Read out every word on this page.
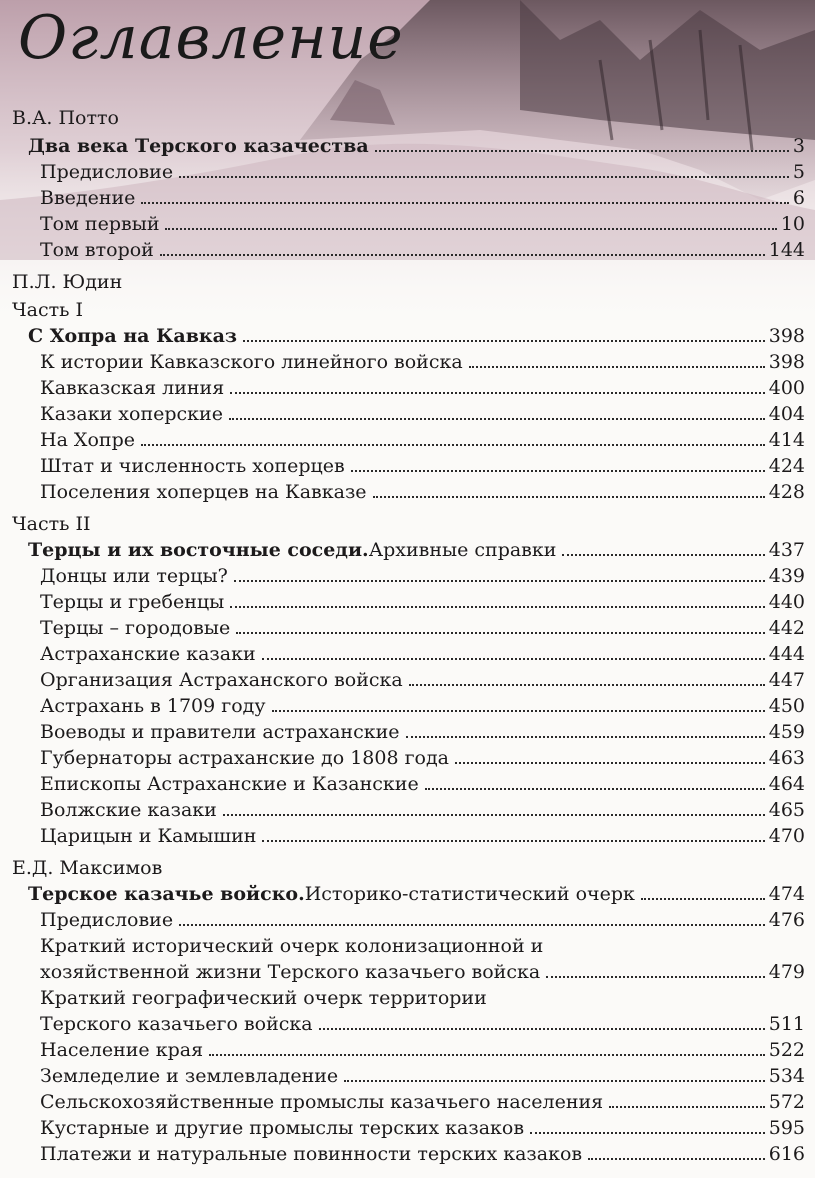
Оглавление
В.А. Потто
Два века Терского казачества	3
Предисловие	5
Введение	6
Том первый	10
Том второй	144
П.Л. Юдин
Часть I
С Хопра на Кавказ	398
К истории Кавказского линейного войска	398
Кавказская линия	400
Казаки хоперские	404
На Хопре	414
Штат и численность хоперцев	424
Поселения хоперцев на Кавказе	428
Часть II
Терцы и их восточные соседи. Архивные справки	437
Донцы или терцы?	439
Терцы и гребенцы	440
Терцы – городовые	442
Астраханские казаки	444
Организация Астраханского войска	447
Астрахань в 1709 году	450
Воеводы и правители астраханские	459
Губернаторы астраханские до 1808 года	463
Епископы Астраханские и Казанские	464
Волжские казаки	465
Царицын и Камышин	470
Е.Д. Максимов
Терское казачье войско. Историко-статистический очерк	474
Предисловие	476
Краткий исторический очерк колонизационной и
хозяйственной жизни Терского казачьего войска	479
Краткий географический очерк территории
Терского казачьего войска	511
Население края	522
Земледелие и землевладение	534
Сельскохозяйственные промыслы казачьего населения	572
Кустарные и другие промыслы терских казаков	595
Платежи и натуральные повинности терских казаков	616
